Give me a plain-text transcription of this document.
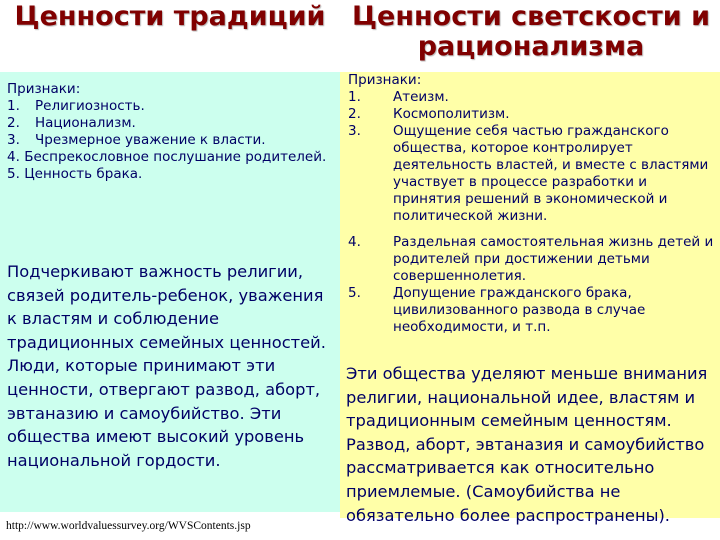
Ценности традиций Ценности светскости и рационализма
Признаки:
1. Религиозность.
2. Национализм.
3. Чрезмерное уважение к власти.
4. Беспрекословное послушание родителей.
5. Ценность брака.

Подчеркивают важность религии, связей родитель-ребенок, уважения к властям и соблюдение традиционных семейных ценностей. Люди, которые принимают эти ценности, отвергают развод, аборт, эвтаназию и самоубийство. Эти общества имеют высокий уровень национальной гордости.

Признаки:
1. Атеизм.
2. Космополитизм.
3. Ощущение себя частью гражданского общества, которое контролирует деятельность властей, и вместе с властями участвует в процессе разработки и принятия решений в экономической и политической жизни.
4. Раздельная самостоятельная жизнь детей и родителей при достижении детьми совершеннолетия.
5. Допущение гражданского брака, цивилизованного развода в случае необходимости, и т.п.

Эти общества уделяют меньше внимания религии, национальной идее, властям и традиционным семейным ценностям. Развод, аборт, эвтаназия и самоубийство рассматривается как относительно приемлемые. (Самоубийства не обязательно более распространены).

http://www.worldvaluessurvey.org/WVSContents.jsp
